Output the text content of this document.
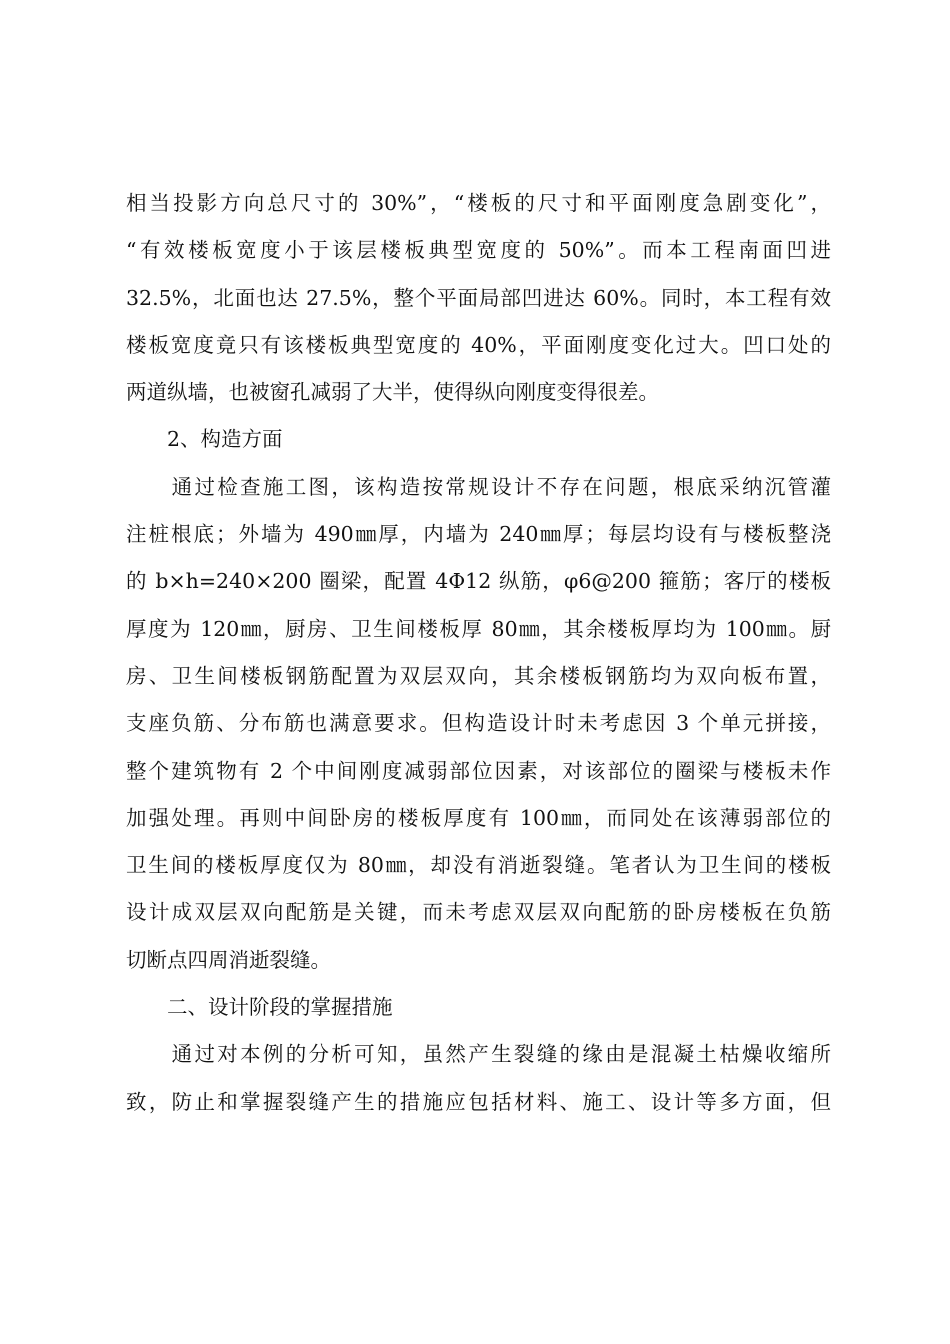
相当投影方向总尺寸的 30%”，“楼板的尺寸和平面刚度急剧变化”，
“有效楼板宽度小于该层楼板典型宽度的 50%”。而本工程南面凹进
32.5%，北面也达 27.5%，整个平面局部凹进达 60%。同时，本工程有效
楼板宽度竟只有该楼板典型宽度的 40%，平面刚度变化过大。凹口处的
两道纵墙，也被窗孔减弱了大半，使得纵向刚度变得很差。
　　2、构造方面
　　通过检查施工图，该构造按常规设计不存在问题，根底采纳沉管灌
注桩根底；外墙为 490㎜厚，内墙为 240㎜厚；每层均设有与楼板整浇
的 b×h=240×200 圈梁，配置 4Φ12 纵筋，φ6@200 箍筋；客厅的楼板
厚度为 120㎜，厨房、卫生间楼板厚 80㎜，其余楼板厚均为 100㎜。厨
房、卫生间楼板钢筋配置为双层双向，其余楼板钢筋均为双向板布置，
支座负筋、分布筋也满意要求。但构造设计时未考虑因 3 个单元拼接，
整个建筑物有 2 个中间刚度减弱部位因素，对该部位的圈梁与楼板未作
加强处理。再则中间卧房的楼板厚度有 100㎜，而同处在该薄弱部位的
卫生间的楼板厚度仅为 80㎜，却没有消逝裂缝。笔者认为卫生间的楼板
设计成双层双向配筋是关键，而未考虑双层双向配筋的卧房楼板在负筋
切断点四周消逝裂缝。
　　二、设计阶段的掌握措施
　　通过对本例的分析可知，虽然产生裂缝的缘由是混凝土枯燥收缩所
致，防止和掌握裂缝产生的措施应包括材料、施工、设计等多方面，但
